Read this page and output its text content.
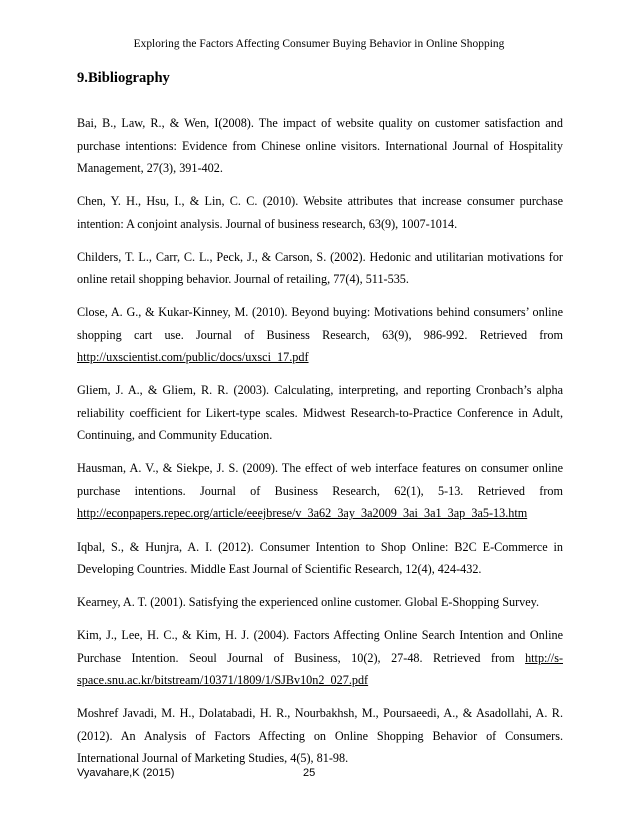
Exploring the Factors Affecting Consumer Buying Behavior in Online Shopping
9.Bibliography

Bai, B., Law, R., & Wen, I(2008). The impact of website quality on customer satisfaction and purchase intentions: Evidence from Chinese online visitors. International Journal of Hospitality Management, 27(3), 391-402.

Chen, Y. H., Hsu, I., & Lin, C. C. (2010). Website attributes that increase consumer purchase intention: A conjoint analysis. Journal of business research, 63(9), 1007-1014.

Childers, T. L., Carr, C. L., Peck, J., & Carson, S. (2002). Hedonic and utilitarian motivations for online retail shopping behavior. Journal of retailing, 77(4), 511-535.

Close, A. G., & Kukar-Kinney, M. (2010). Beyond buying: Motivations behind consumers’ online shopping cart use. Journal of Business Research, 63(9), 986-992. Retrieved from http://uxscientist.com/public/docs/uxsci_17.pdf

Gliem, J. A., & Gliem, R. R. (2003). Calculating, interpreting, and reporting Cronbach’s alpha reliability coefficient for Likert-type scales. Midwest Research-to-Practice Conference in Adult, Continuing, and Community Education.

Hausman, A. V., & Siekpe, J. S. (2009). The effect of web interface features on consumer online purchase intentions. Journal of Business Research, 62(1), 5-13. Retrieved from http://econpapers.repec.org/article/eeejbrese/v_3a62_3ay_3a2009_3ai_3a1_3ap_3a5-13.htm

Iqbal, S., & Hunjra, A. I. (2012). Consumer Intention to Shop Online: B2C E-Commerce in Developing Countries. Middle East Journal of Scientific Research, 12(4), 424-432.

Kearney, A. T. (2001). Satisfying the experienced online customer. Global E-Shopping Survey.

Kim, J., Lee, H. C., & Kim, H. J. (2004). Factors Affecting Online Search Intention and Online Purchase Intention. Seoul Journal of Business, 10(2), 27-48. Retrieved from http://s-space.snu.ac.kr/bitstream/10371/1809/1/SJBv10n2_027.pdf

Moshref Javadi, M. H., Dolatabadi, H. R., Nourbakhsh, M., Poursaeedi, A., & Asadollahi, A. R. (2012). An Analysis of Factors Affecting on Online Shopping Behavior of Consumers. International Journal of Marketing Studies, 4(5), 81-98.

Vyavahare,K (2015)	25
